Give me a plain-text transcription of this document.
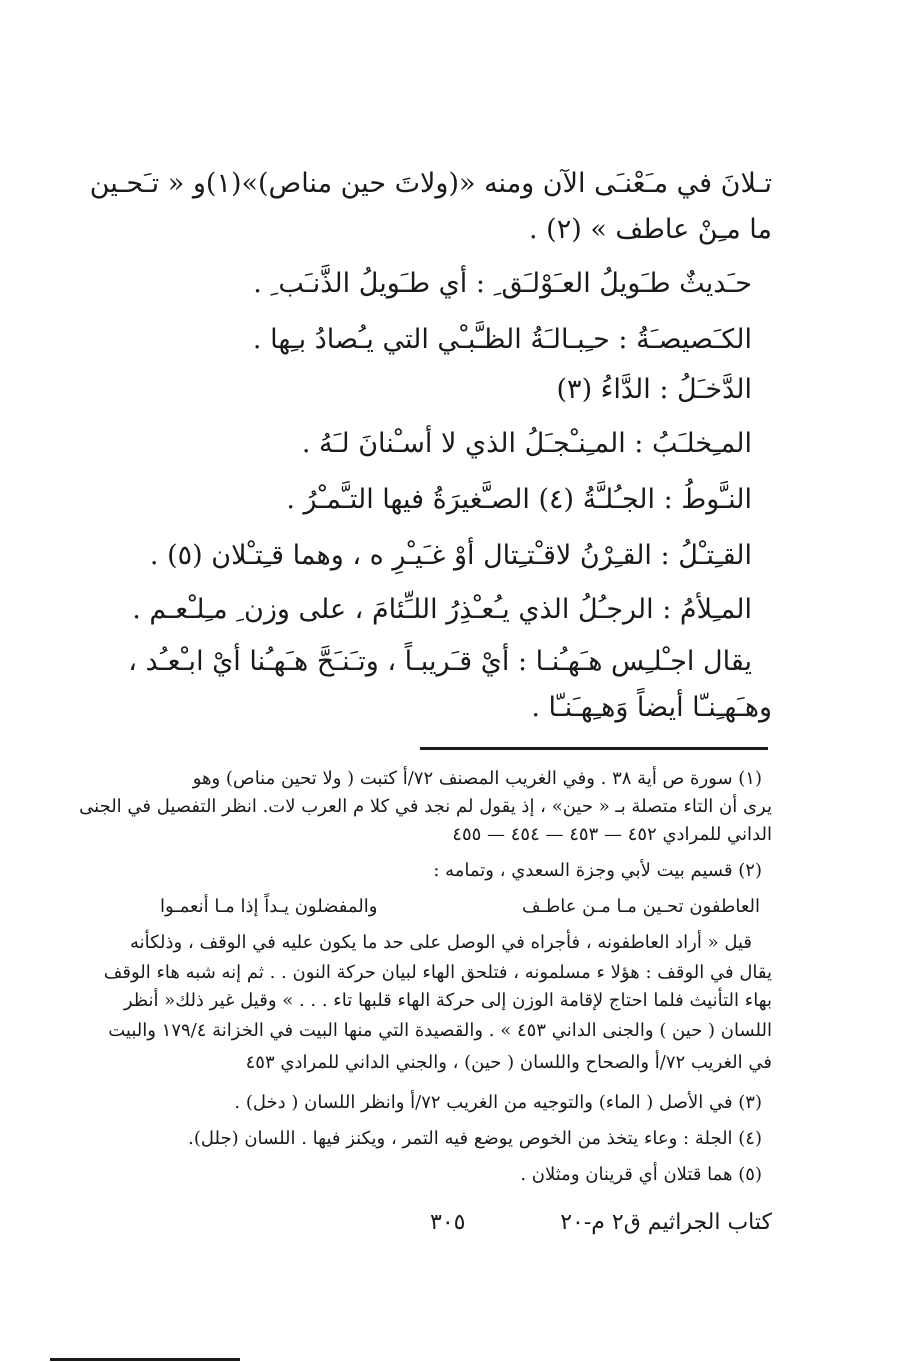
تـلانَ في مـَعْنـَى الآن ومنه «(ولاتَ حين مناص)»(١)و « تـَحـين
ما مـِنْ عاطف » (٢) .
حـَديثٌ طـَويلُ العـَوْلـَق ِ : أي طـَويلُ الذَّنـَب ِ .
الكـَصيصـَةُ : حـِبـالـَةُ الظـَّبـْي التي يـُصادُ بـِها .
الدَّخـَلُ : الدَّاءُ (٣)
المـِخلـَبُ : المـِنـْجـَلُ الذي لا أسـْنانَ لـَهُ .
النـَّوطُ : الجـُلـَّةُ (٤) الصـَّغيرَةُ فيها التـَّمـْرُ .
القـِتـْلُ : القـِرْنُ لاقـْتـِتال أوْ غـَيـْرِ ه ، وهما قـِتـْلان (٥) .
المـِلأمُ : الرجـُلُ الذي يـُعـْذِرُ اللـِّئامَ ، على وزن ِ مـِلـْعـم .
يقال اجـْلـِس هـَهـُنـا : أيْ قـَريبـاً ، وتـَنـَحَّ هـَهـُنا أيْ ابـْعـُد ،
وهـَهـِنـّا أيضاً وَهـِهـَنـّا .
(١) سورة ص أية ٣٨ . وفي الغريب المصنف ٧٢/أ كتبت ( ولا تحين مناص) وهو
يرى أن التاء متصلة بـ « حين» ، إذ يقول لم نجد في كلا م العرب لات. انظر التفصيل في الجنى
الداني للمرادي ٤٥٢ — ٤٥٣ — ٤٥٤ — ٤٥٥
(٢) قسيم بيت لأبي وجزة السعدي ، وتمامه :
العاطفون تحـين مـا مـن عاطـف
والمفضلون يـداً إذا مـا أنعمـوا
قيل « أراد العاطفونه ، فأجراه في الوصل على حد ما يكون عليه في الوقف ، وذلكأنه
يقال في الوقف : هؤلا ء مسلمونه ، فتلحق الهاء لبيان حركة النون . . ثم إنه شبه هاء الوقف
بهاء التأنيث فلما احتاج لإقامة الوزن إلى حركة الهاء قلبها تاء . . . » وقيل غير ذلك« أنظر
اللسان ( حين ) والجنى الداني ٤٥٣ » . والقصيدة التي منها البيت في الخزانة ١٧٩/٤ والبيت
في الغريب ٧٢/أ والصحاح واللسان ( حين) ، والجني الداني للمرادي ٤٥٣
(٣) في الأصل ( الماء) والتوجيه من الغريب ٧٢/أ وانظر اللسان ( دخل) .
(٤) الجلة : وعاء يتخذ من الخوص يوضع فيه التمر ، ويكنز فيها . اللسان (جلل).
(٥) هما قتلان أي قرينان ومثلان .
كتاب الجراثيم ق٢ م-٢٠
٣٠٥
